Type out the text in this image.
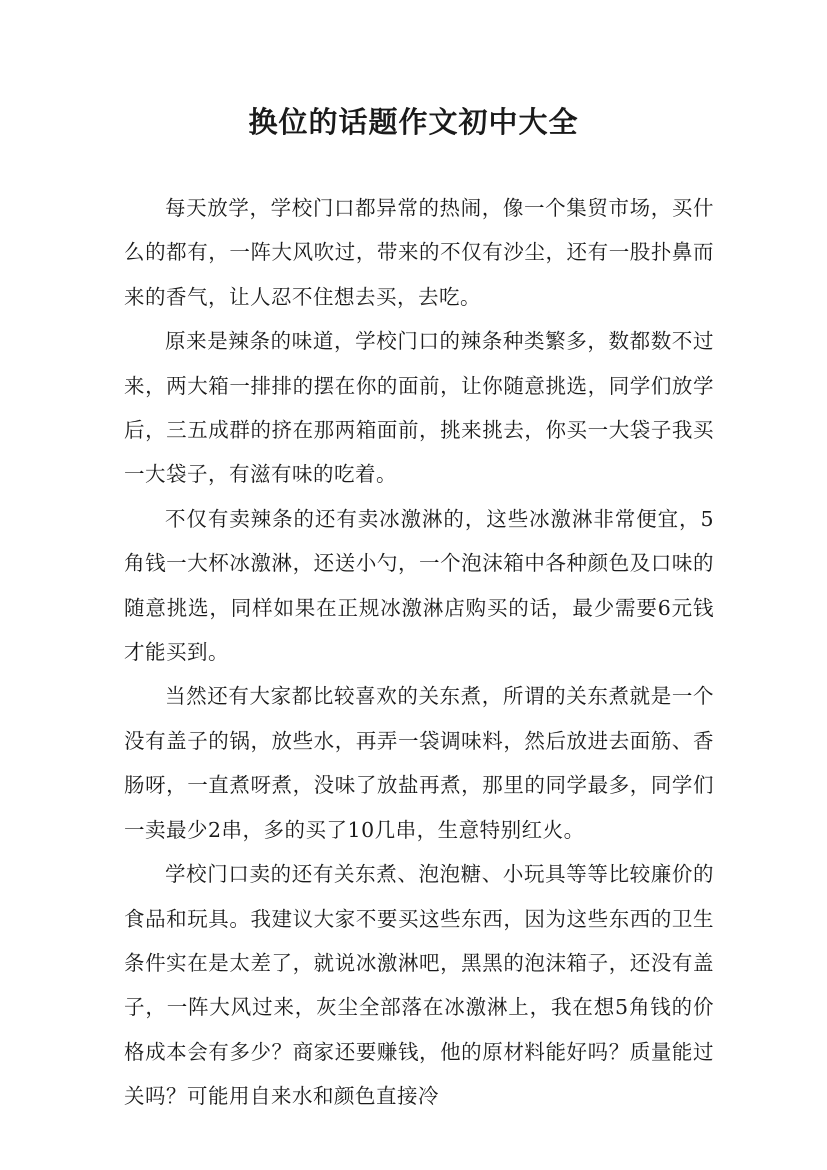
换位的话题作文初中大全

每天放学，学校门口都异常的热闹，像一个集贸市场，买什么的都有，一阵大风吹过，带来的不仅有沙尘，还有一股扑鼻而来的香气，让人忍不住想去买，去吃。

原来是辣条的味道，学校门口的辣条种类繁多，数都数不过来，两大箱一排排的摆在你的面前，让你随意挑选，同学们放学后，三五成群的挤在那两箱面前，挑来挑去，你买一大袋子我买一大袋子，有滋有味的吃着。

不仅有卖辣条的还有卖冰激淋的，这些冰激淋非常便宜，5角钱一大杯冰激淋，还送小勺，一个泡沫箱中各种颜色及口味的随意挑选，同样如果在正规冰激淋店购买的话，最少需要6元钱才能买到。

当然还有大家都比较喜欢的关东煮，所谓的关东煮就是一个没有盖子的锅，放些水，再弄一袋调味料，然后放进去面筋、香肠呀，一直煮呀煮，没味了放盐再煮，那里的同学最多，同学们一卖最少2串，多的买了10几串，生意特别红火。

学校门口卖的还有关东煮、泡泡糖、小玩具等等比较廉价的食品和玩具。我建议大家不要买这些东西，因为这些东西的卫生条件实在是太差了，就说冰激淋吧，黑黑的泡沫箱子，还没有盖子，一阵大风过来，灰尘全部落在冰激淋上，我在想5角钱的价格成本会有多少？商家还要赚钱，他的原材料能好吗？质量能过关吗？可能用自来水和颜色直接冷
